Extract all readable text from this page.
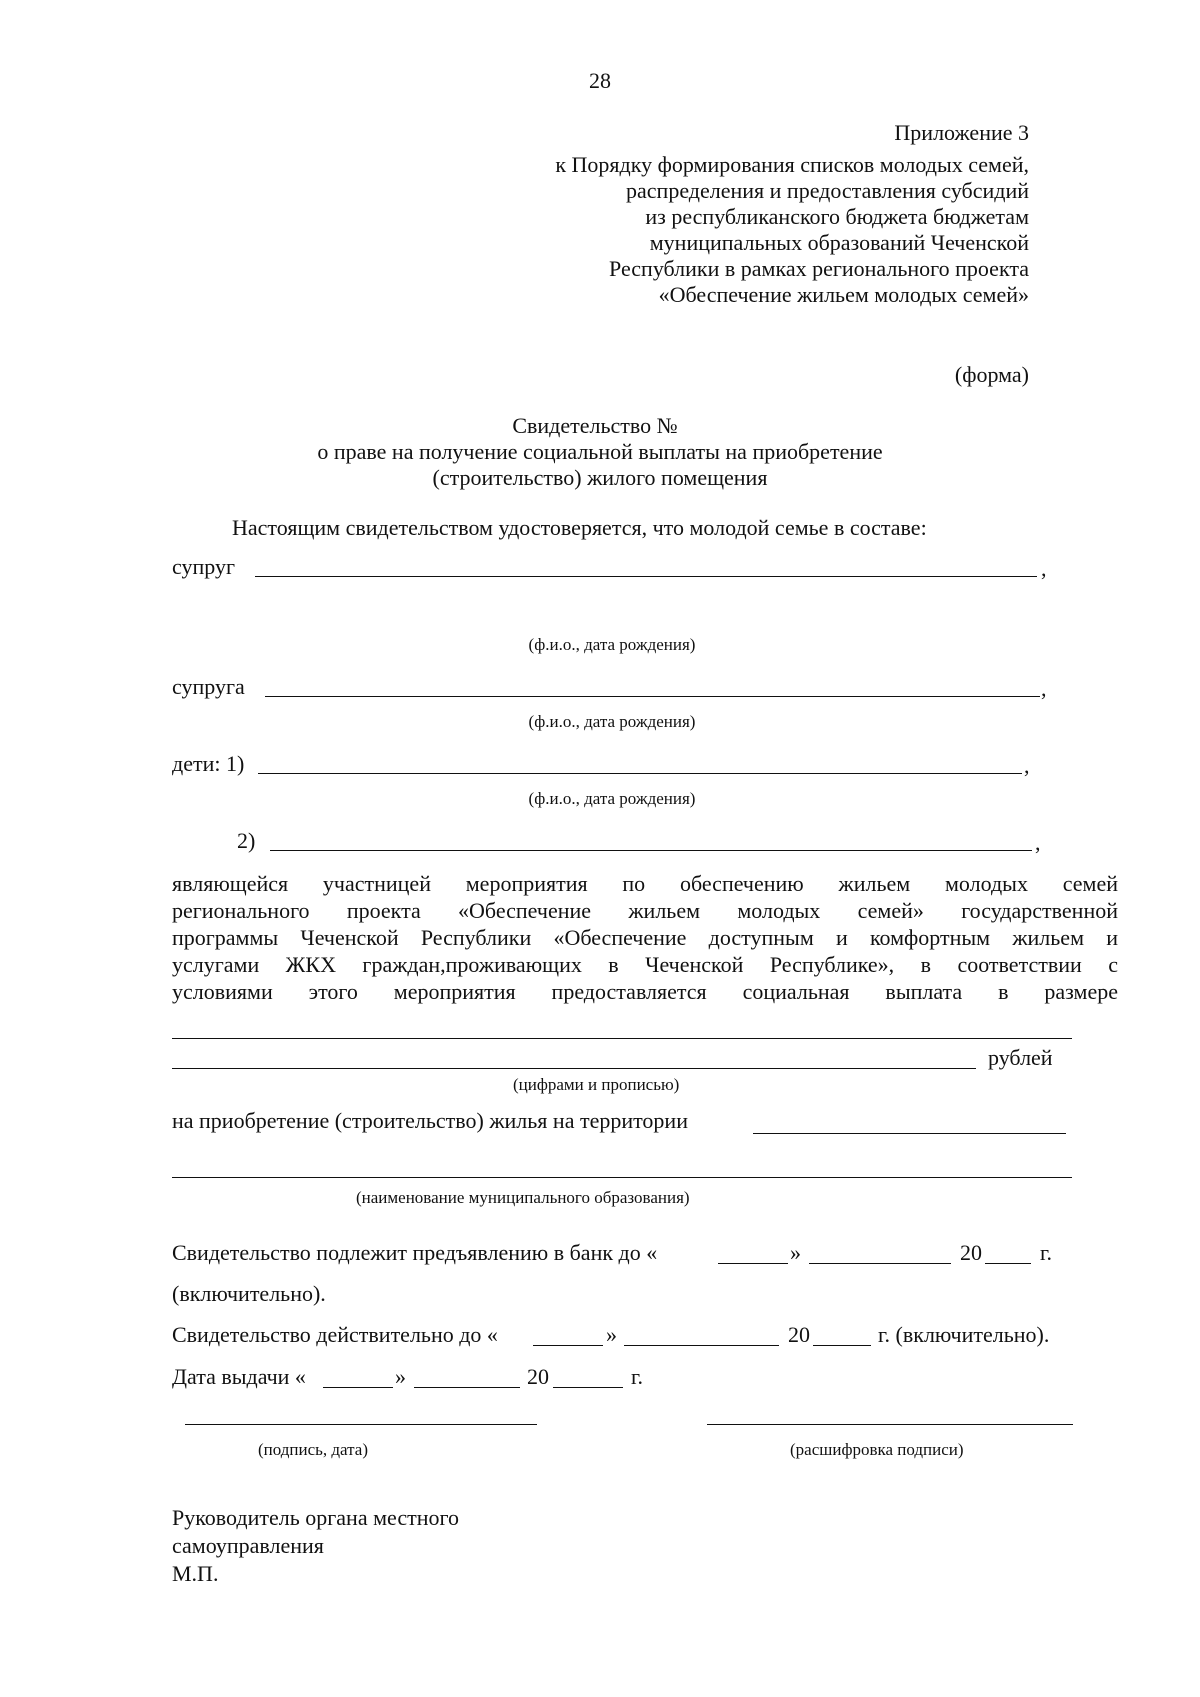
28
Приложение 3
к Порядку формирования списков молодых семей,
распределения и предоставления субсидий
из республиканского бюджета бюджетам
муниципальных образований Чеченской
Республики в рамках регионального проекта
«Обеспечение жильем молодых семей»
(форма)
Свидетельство №
о праве на получение социальной выплаты на приобретение
(строительство) жилого помещения
Настоящим свидетельством удостоверяется, что молодой семье в составе:
супруг	,
(ф.и.о., дата рождения)
супруга	,
(ф.и.о., дата рождения)
дети: 1)	,
(ф.и.о., дата рождения)
2)	,
являющейся участницей мероприятия по обеспечению жильем молодых семей
регионального проекта «Обеспечение жильем молодых семей» государственной
программы Чеченской Республики «Обеспечение доступным и комфортным жильем и
услугами ЖКХ граждан,проживающих в Чеченской Республике», в соответствии с
условиями этого мероприятия предоставляется социальная выплата в размере
рублей
(цифрами и прописью)
на приобретение (строительство) жилья на территории
(наименование муниципального образования)
Свидетельство подлежит предъявлению в банк до «	»	20	г.
(включительно).
Свидетельство действительно до «	»	20	г. (включительно).
Дата выдачи «	»	20	г.
(подпись, дата)	(расшифровка подписи)
Руководитель органа местного
самоуправления
М.П.
